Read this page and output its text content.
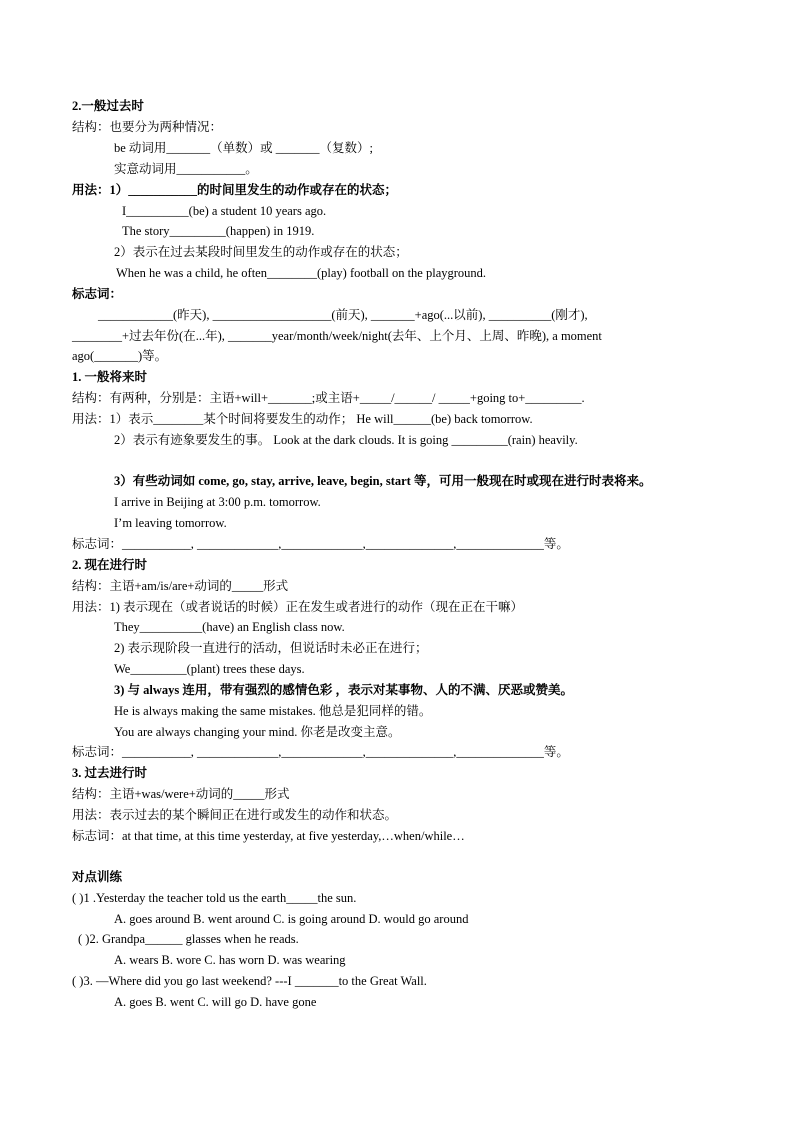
2.一般过去时
结构：也要分为两种情况：
be 动词用_______（单数）或 _______（复数）;
实意动词用___________。
用法：1）___________的时间里发生的动作或存在的状态；
I__________(be) a student 10 years ago.
The story_________(happen) in 1919.
2）表示在过去某段时间里发生的动作或存在的状态；
When he was a child, he often________(play) football on the playground.
标志词：
____________(昨天), ___________________(前天), _______+ago(...以前), __________(刚才),
________+过去年份(在...年), _______year/month/week/night(去年、上个月、上周、昨晚), a moment
ago(_______)等。
1. 一般将来时
结构：有两种，分别是：主语+will+_______;或主语+_____/______/ _____+going to+_________.
用法：1）表示________某个时间将要发生的动作； He will______(be) back tomorrow.
2）表示有迹象要发生的事。 Look at the dark clouds. It is going _________(rain) heavily.
3）有些动词如 come, go, stay, arrive, leave, begin, start 等，可用一般现在时或现在进行时表将来。
I arrive in Beijing at 3:00 p.m. tomorrow.
I’m leaving tomorrow.
标志词：___________, _____________,_____________,______________,______________等。
2. 现在进行时
结构：主语+am/is/are+动词的_____形式
用法：1) 表示现在（或者说话的时候）正在发生或者进行的动作（现在正在干嘛）
They__________(have) an English class now.
2) 表示现阶段一直进行的活动，但说话时未必正在进行；
We_________(plant) trees these days.
3) 与 always 连用，带有强烈的感情色彩 ，表示对某事物、人的不满、厌恶或赞美。
He is always making the same mistakes. 他总是犯同样的错。
You are always changing your mind. 你老是改变主意。
标志词：___________, _____________,_____________,______________,______________等。
3. 过去进行时
结构：主语+was/were+动词的_____形式
用法：表示过去的某个瞬间正在进行或发生的动作和状态。
标志词：at that time, at this time yesterday, at five yesterday,…when/while…
对点训练
( )1 .Yesterday the teacher told us the earth_____the sun.
A. goes around B. went around C. is going around D. would go around
( )2. Grandpa______ glasses when he reads.
A. wears B. wore C. has worn D. was wearing
( )3. —Where did you go last weekend? ---I _______to the Great Wall.
A. goes B. went C. will go D. have gone
